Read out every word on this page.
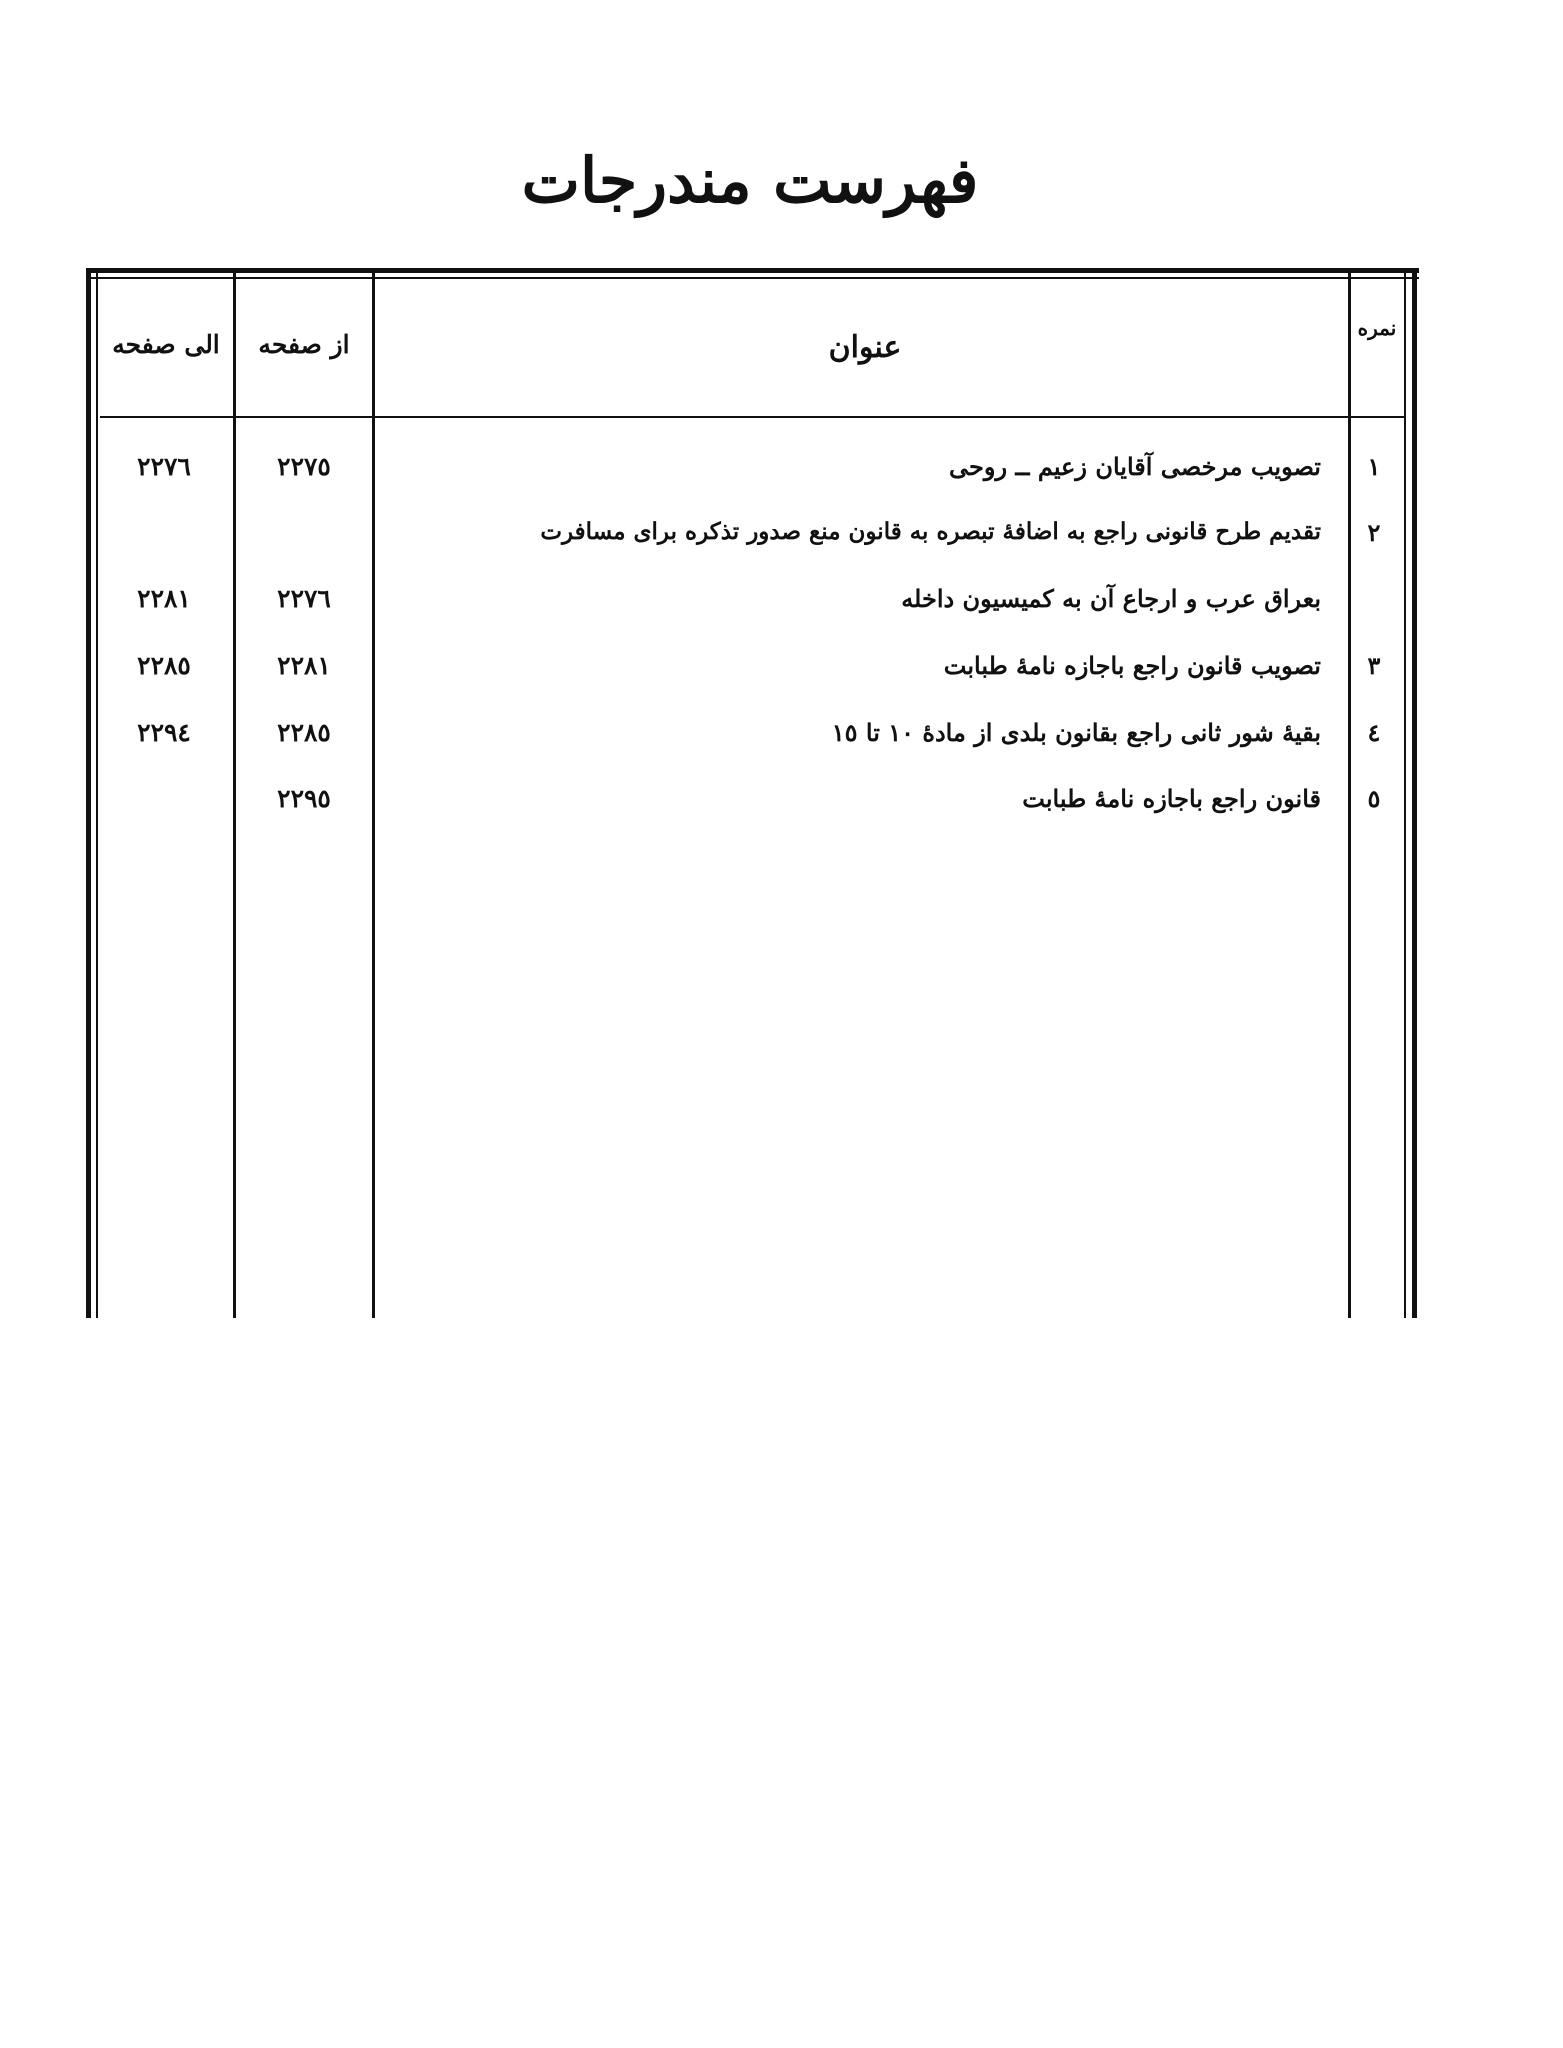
فهرست مندرجات
نمره
عنوان
از صفحه
الی صفحه
١
تصویب مرخصی آقایان زعیم ــ روحی
٢٢٧٥
٢٢٧٦
٢
تقدیم طرح قانونی راجع به اضافهٔ تبصره به قانون منع صدور تذکره برای مسافرت
بعراق عرب و ارجاع آن به کمیسیون داخله
٢٢٧٦
٢٢٨١
٣
تصویب قانون راجع باجازه نامهٔ طبابت
٢٢٨١
٢٢٨٥
٤
بقیهٔ شور ثانی راجع بقانون بلدی از مادهٔ ١٠ تا ١٥
٢٢٨٥
٢٢٩٤
٥
قانون راجع باجازه نامهٔ طبابت
٢٢٩٥
